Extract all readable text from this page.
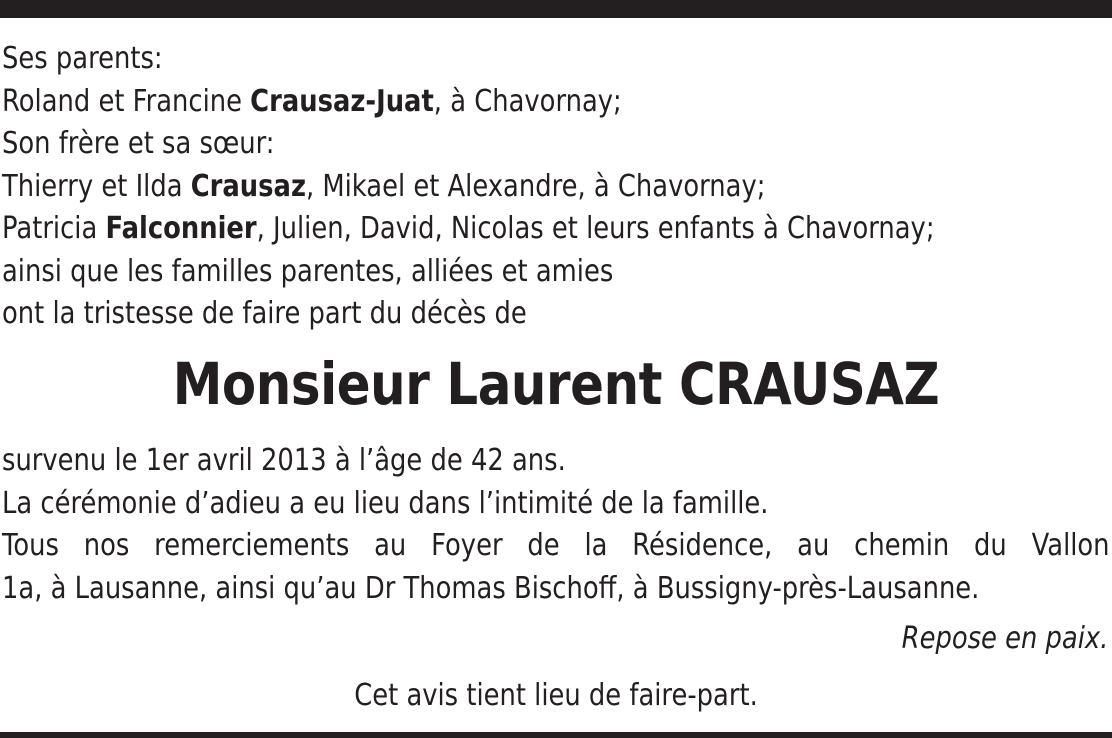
Ses parents:
Roland et Francine Crausaz-Juat, à Chavornay;
Son frère et sa sœur:
Thierry et Ilda Crausaz, Mikael et Alexandre, à Chavornay;
Patricia Falconnier, Julien, David, Nicolas et leurs enfants à Chavornay;
ainsi que les familles parentes, alliées et amies
ont la tristesse de faire part du décès de
Monsieur Laurent CRAUSAZ
survenu le 1er avril 2013 à l’âge de 42 ans.
La cérémonie d’adieu a eu lieu dans l’intimité de la famille.
Tous nos remerciements au Foyer de la Résidence, au chemin du Vallon
1a, à Lausanne, ainsi qu’au Dr Thomas Bischoff, à Bussigny-près-Lausanne.
Repose en paix.
Cet avis tient lieu de faire-part.
